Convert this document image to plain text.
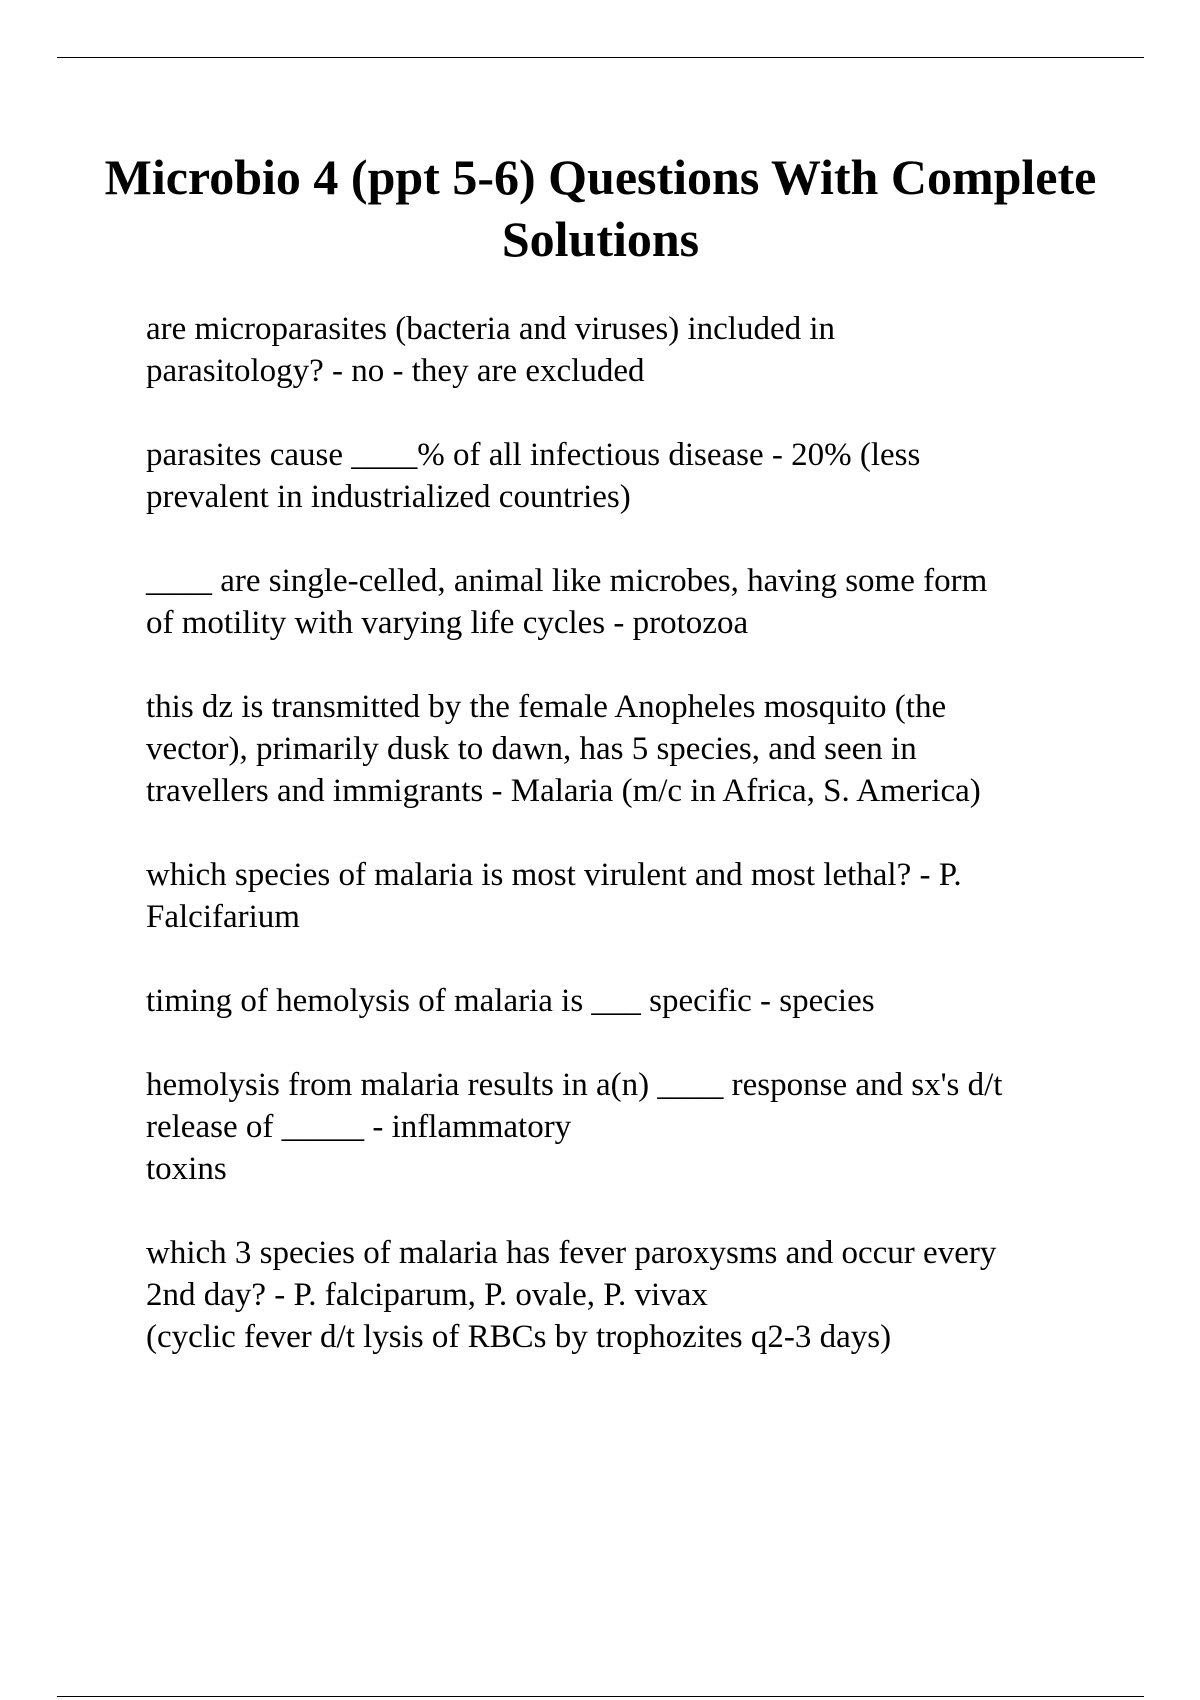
Microbio 4 (ppt 5-6) Questions With Complete Solutions
are microparasites (bacteria and viruses) included in
parasitology? - no - they are excluded
parasites cause ____% of all infectious disease - 20% (less
prevalent in industrialized countries)
____ are single-celled, animal like microbes, having some form
of motility with varying life cycles - protozoa
this dz is transmitted by the female Anopheles mosquito (the
vector), primarily dusk to dawn, has 5 species, and seen in
travellers and immigrants - Malaria (m/c in Africa, S. America)
which species of malaria is most virulent and most lethal? - P.
Falcifarium
timing of hemolysis of malaria is ___ specific - species
hemolysis from malaria results in a(n) ____ response and sx's d/t
release of _____ - inflammatory
toxins
which 3 species of malaria has fever paroxysms and occur every
2nd day? - P. falciparum, P. ovale, P. vivax
(cyclic fever d/t lysis of RBCs by trophozites q2-3 days)
